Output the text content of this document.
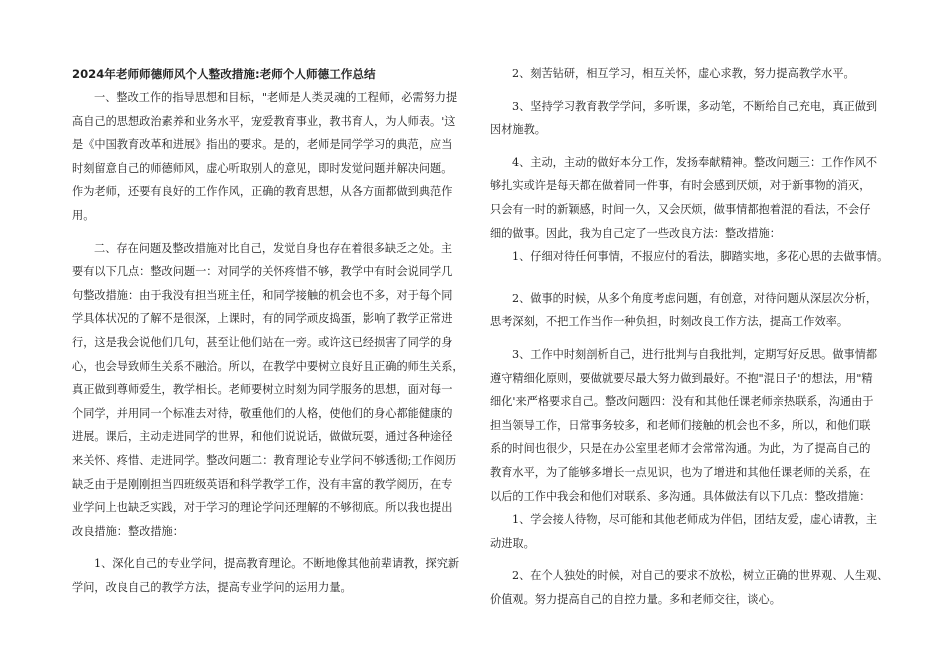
2024年老师师德师风个人整改措施:老师个人师德工作总结
一、整改工作的指导思想和目标，"老师是人类灵魂的工程师，必需努力提
高自己的思想政治素养和业务水平，宠爱教育事业，教书育人，为人师表。'这
是《中国教育改革和进展》指出的要求。是的，老师是同学学习的典范，应当
时刻留意自己的师德师风，虚心听取别人的意见，即时发觉问题并解决问题。
作为老师，还要有良好的工作作风，正确的教育思想，从各方面都做到典范作
用。
二、存在问题及整改措施对比自己，发觉自身也存在着很多缺乏之处。主
要有以下几点：整改问题一：对同学的关怀疼惜不够，教学中有时会说同学几
句整改措施：由于我没有担当班主任，和同学接触的机会也不多，对于每个同
学具体状况的了解不是很深，上课时，有的同学顽皮捣蛋，影响了教学正常进
行，这是我会说他们几句，甚至让他们站在一旁。或许这已经损害了同学的身
心，也会导致师生关系不融洽。所以，在教学中要树立良好且正确的师生关系，
真正做到尊师爱生，教学相长。老师要树立时刻为同学服务的思想，面对每一
个同学，并用同一个标准去对待，敬重他们的人格，使他们的身心都能健康的
进展。课后，主动走进同学的世界，和他们说说话，做做玩耍，通过各种途径
来关怀、疼惜、走进同学。整改问题二：教育理论专业学问不够透彻;工作阅历
缺乏由于是刚刚担当四班级英语和科学教学工作，没有丰富的教学阅历，在专
业学问上也缺乏实践，对于学习的理论学问还理解的不够彻底。所以我也提出
改良措施：整改措施：
1、深化自己的专业学问，提高教育理论。不断地像其他前辈请教，探究新
学问，改良自己的教学方法，提高专业学问的运用力量。
2、刻苦钻研，相互学习，相互关怀，虚心求教，努力提高教学水平。
3、坚持学习教育教学学问，多听课，多动笔，不断给自己充电，真正做到
因材施教。
4、主动，主动的做好本分工作，发扬奉献精神。整改问题三：工作作风不
够扎实或许是每天都在做着同一件事，有时会感到厌烦，对于新事物的消灭，
只会有一时的新颖感，时间一久，又会厌烦，做事情都抱着混的看法，不会仔
细的做事。因此，我为自己定了一些改良方法：整改措施：
1、仔细对待任何事情，不报应付的看法，脚踏实地，多花心思的去做事情。
2、做事的时候，从多个角度考虑问题，有创意，对待问题从深层次分析，
思考深刻，不把工作当作一种负担，时刻改良工作方法，提高工作效率。
3、工作中时刻剖析自己，进行批判与自我批判，定期写好反思。做事情都
遵守精细化原则，要做就要尽最大努力做到最好。不抱"混日子'的想法，用"精
细化'来严格要求自己。整改问题四：没有和其他任课老师亲热联系，沟通由于
担当领导工作，日常事务较多，和老师们接触的机会也不多，所以，和他们联
系的时间也很少，只是在办公室里老师才会常常沟通。为此，为了提高自己的
教育水平，为了能够多增长一点见识，也为了增进和其他任课老师的关系，在
以后的工作中我会和他们对联系、多沟通。具体做法有以下几点：整改措施：
1、学会接人待物，尽可能和其他老师成为伴侣，团结友爱，虚心请教，主
动进取。
2、在个人独处的时候，对自己的要求不放松，树立正确的世界观、人生观、
价值观。努力提高自己的自控力量。多和老师交往，谈心。
